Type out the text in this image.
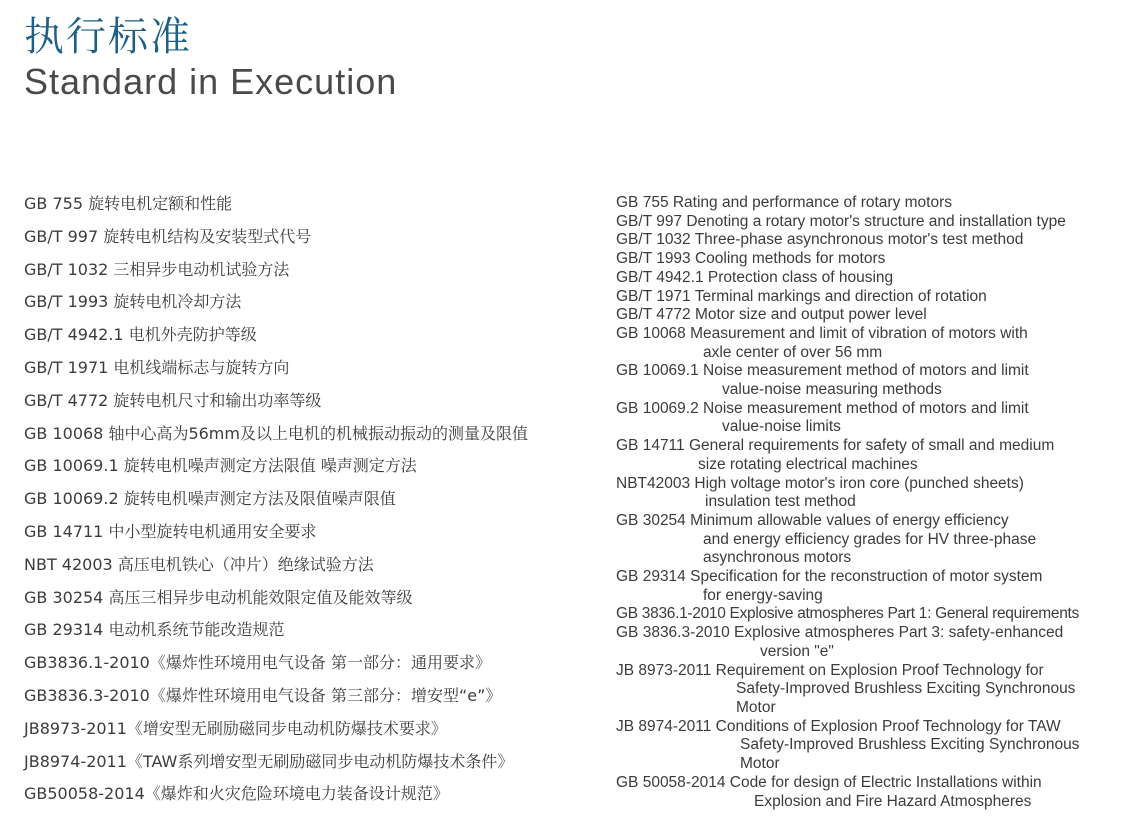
执行标准
Standard in Execution
GB 755 旋转电机定额和性能
GB/T 997 旋转电机结构及安装型式代号
GB/T 1032 三相异步电动机试验方法
GB/T 1993 旋转电机冷却方法
GB/T 4942.1 电机外壳防护等级
GB/T 1971 电机线端标志与旋转方向
GB/T 4772 旋转电机尺寸和输出功率等级
GB 10068 轴中心高为56mm及以上电机的机械振动振动的测量及限值
GB 10069.1 旋转电机噪声测定方法限值 噪声测定方法
GB 10069.2 旋转电机噪声测定方法及限值噪声限值
GB 14711 中小型旋转电机通用安全要求
NBT 42003 高压电机铁心（冲片）绝缘试验方法
GB 30254 高压三相异步电动机能效限定值及能效等级
GB 29314 电动机系统节能改造规范
GB3836.1-2010《爆炸性环境用电气设备 第一部分：通用要求》
GB3836.3-2010《爆炸性环境用电气设备 第三部分：增安型“e”》
JB8973-2011《增安型无刷励磁同步电动机防爆技术要求》
JB8974-2011《TAW系列增安型无刷励磁同步电动机防爆技术条件》
GB50058-2014《爆炸和火灾危险环境电力装备设计规范》
GB 755 Rating and performance of rotary motors
GB/T 997 Denoting a rotary motor's structure and installation type
GB/T 1032 Three-phase asynchronous motor's test method
GB/T 1993 Cooling methods for motors
GB/T 4942.1 Protection class of housing
GB/T 1971 Terminal markings and direction of rotation
GB/T 4772 Motor size and output power level
GB 10068 Measurement and limit of vibration of motors with
axle center of over 56 mm
GB 10069.1 Noise measurement method of motors and limit
value-noise measuring methods
GB 10069.2 Noise measurement method of motors and limit
value-noise limits
GB 14711 General requirements for safety of small and medium
size rotating electrical machines
NBT42003 High voltage motor's iron core (punched sheets)
insulation test method
GB 30254 Minimum allowable values of energy efficiency
and energy efficiency grades for HV three-phase
asynchronous motors
GB 29314 Specification for the reconstruction of motor system
for energy-saving
GB 3836.1-2010 Explosive atmospheres Part 1: General requirements
GB 3836.3-2010 Explosive atmospheres Part 3: safety-enhanced
version "e"
JB 8973-2011 Requirement on Explosion Proof Technology for
Safety-Improved Brushless Exciting Synchronous
Motor
JB 8974-2011 Conditions of Explosion Proof Technology for TAW
Safety-Improved Brushless Exciting Synchronous
Motor
GB 50058-2014 Code for design of Electric Installations within
Explosion and Fire Hazard Atmospheres
